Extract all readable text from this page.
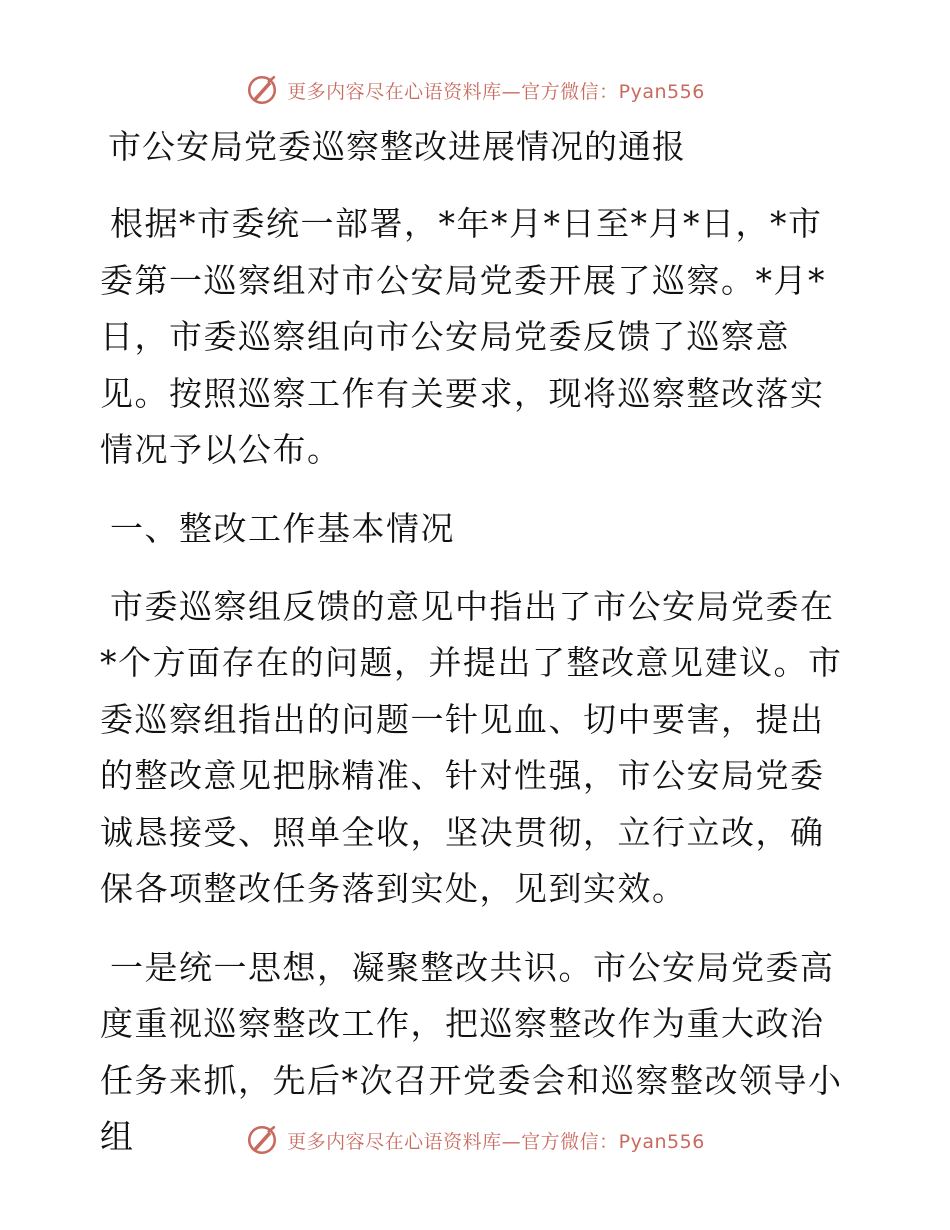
更多内容尽在心语资料库—官方微信：Pyan556
市公安局党委巡察整改进展情况的通报

根据*市委统一部署，*年*月*日至*月*日，*市委第一巡察组对市公安局党委开展了巡察。*月*日，市委巡察组向市公安局党委反馈了巡察意见。按照巡察工作有关要求，现将巡察整改落实情况予以公布。

一、整改工作基本情况

市委巡察组反馈的意见中指出了市公安局党委在*个方面存在的问题，并提出了整改意见建议。市委巡察组指出的问题一针见血、切中要害，提出的整改意见把脉精准、针对性强，市公安局党委诚恳接受、照单全收，坚决贯彻，立行立改，确保各项整改任务落到实处，见到实效。

一是统一思想，凝聚整改共识。市公安局党委高度重视巡察整改工作，把巡察整改作为重大政治任务来抓，先后*次召开党委会和巡察整改领导小组	更多内容尽在心语资料库—官方微信：Pyan556
